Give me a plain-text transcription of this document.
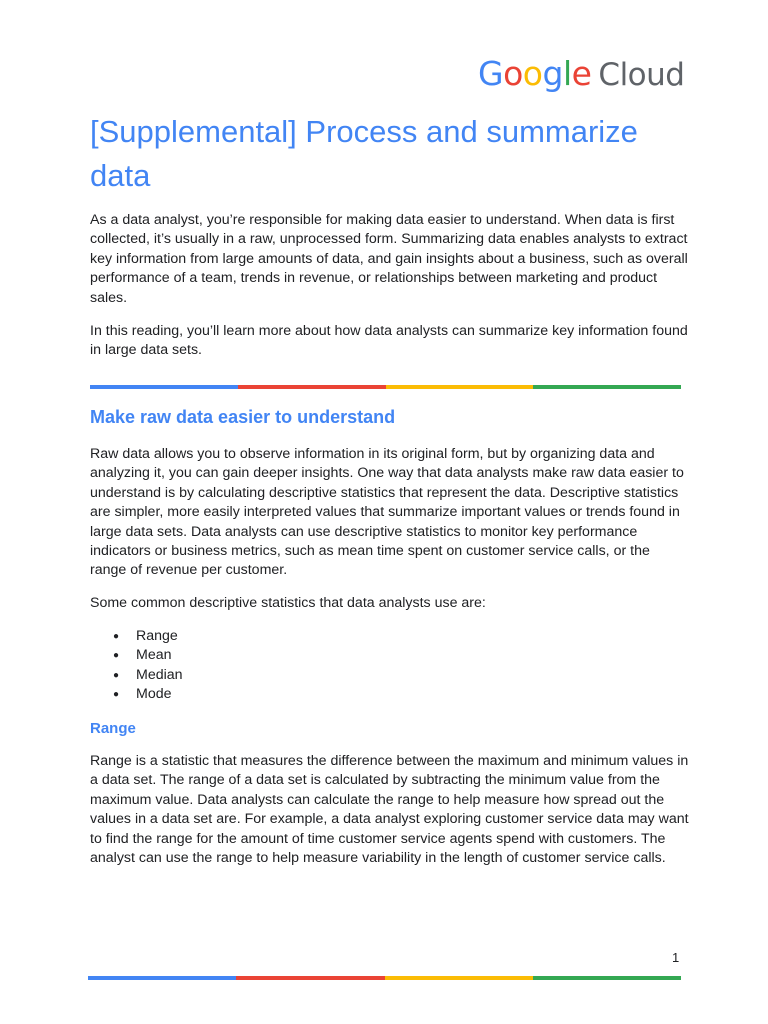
Google Cloud
[Supplemental] Process and summarize data

As a data analyst, you’re responsible for making data easier to understand. When data is first collected, it’s usually in a raw, unprocessed form. Summarizing data enables analysts to extract key information from large amounts of data, and gain insights about a business, such as overall performance of a team, trends in revenue, or relationships between marketing and product sales.

In this reading, you’ll learn more about how data analysts can summarize key information found in large data sets.

Make raw data easier to understand

Raw data allows you to observe information in its original form, but by organizing data and analyzing it, you can gain deeper insights. One way that data analysts make raw data easier to understand is by calculating descriptive statistics that represent the data. Descriptive statistics are simpler, more easily interpreted values that summarize important values or trends found in large data sets. Data analysts can use descriptive statistics to monitor key performance indicators or business metrics, such as mean time spent on customer service calls, or the range of revenue per customer.

Some common descriptive statistics that data analysts use are:

● Range
● Mean
● Median
● Mode
Range

Range is a statistic that measures the difference between the maximum and minimum values in a data set. The range of a data set is calculated by subtracting the minimum value from the maximum value. Data analysts can calculate the range to help measure how spread out the values in a data set are. For example, a data analyst exploring customer service data may want to find the range for the amount of time customer service agents spend with customers. The analyst can use the range to help measure variability in the length of customer service calls.

1
